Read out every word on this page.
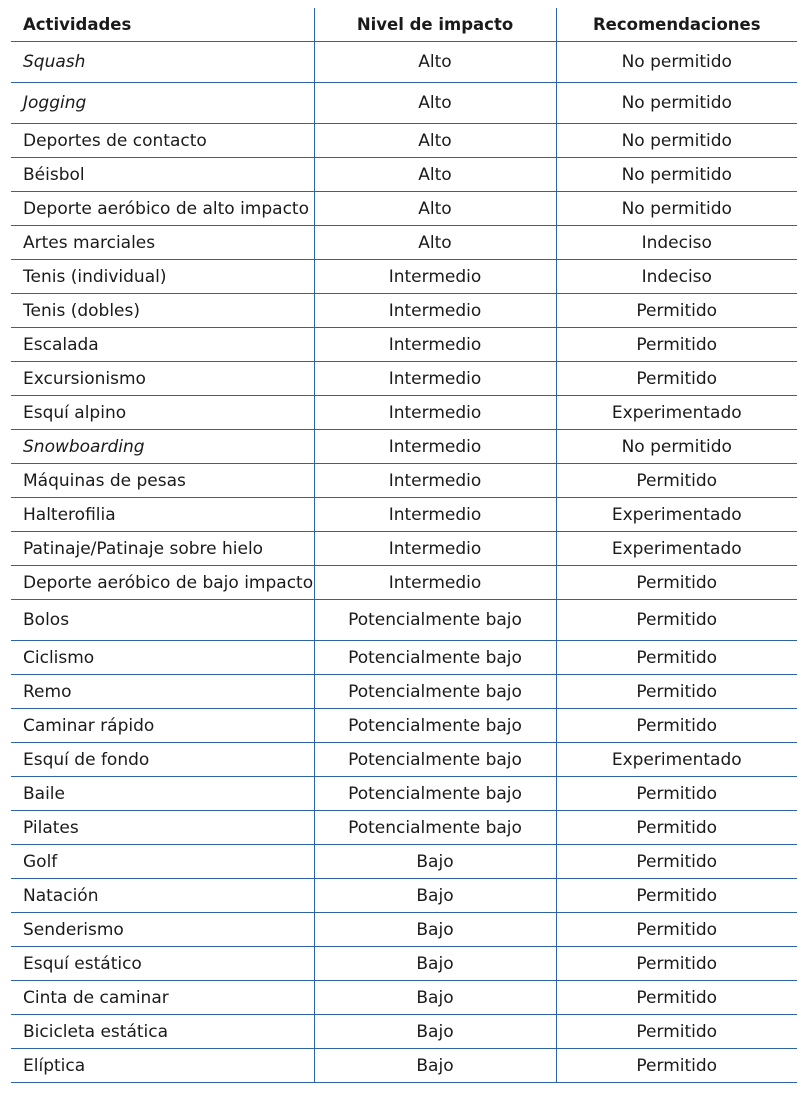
Actividades	Nivel de impacto	Recomendaciones
Squash	Alto	No permitido
Jogging	Alto	No permitido
Deportes de contacto	Alto	No permitido
Béisbol	Alto	No permitido
Deporte aeróbico de alto impacto	Alto	No permitido
Artes marciales	Alto	Indeciso
Tenis (individual)	Intermedio	Indeciso
Tenis (dobles)	Intermedio	Permitido
Escalada	Intermedio	Permitido
Excursionismo	Intermedio	Permitido
Esquí alpino	Intermedio	Experimentado
Snowboarding	Intermedio	No permitido
Máquinas de pesas	Intermedio	Permitido
Halterofilia	Intermedio	Experimentado
Patinaje/Patinaje sobre hielo	Intermedio	Experimentado
Deporte aeróbico de bajo impacto	Intermedio	Permitido
Bolos	Potencialmente bajo	Permitido
Ciclismo	Potencialmente bajo	Permitido
Remo	Potencialmente bajo	Permitido
Caminar rápido	Potencialmente bajo	Permitido
Esquí de fondo	Potencialmente bajo	Experimentado
Baile	Potencialmente bajo	Permitido
Pilates	Potencialmente bajo	Permitido
Golf	Bajo	Permitido
Natación	Bajo	Permitido
Senderismo	Bajo	Permitido
Esquí estático	Bajo	Permitido
Cinta de caminar	Bajo	Permitido
Bicicleta estática	Bajo	Permitido
Elíptica	Bajo	Permitido
